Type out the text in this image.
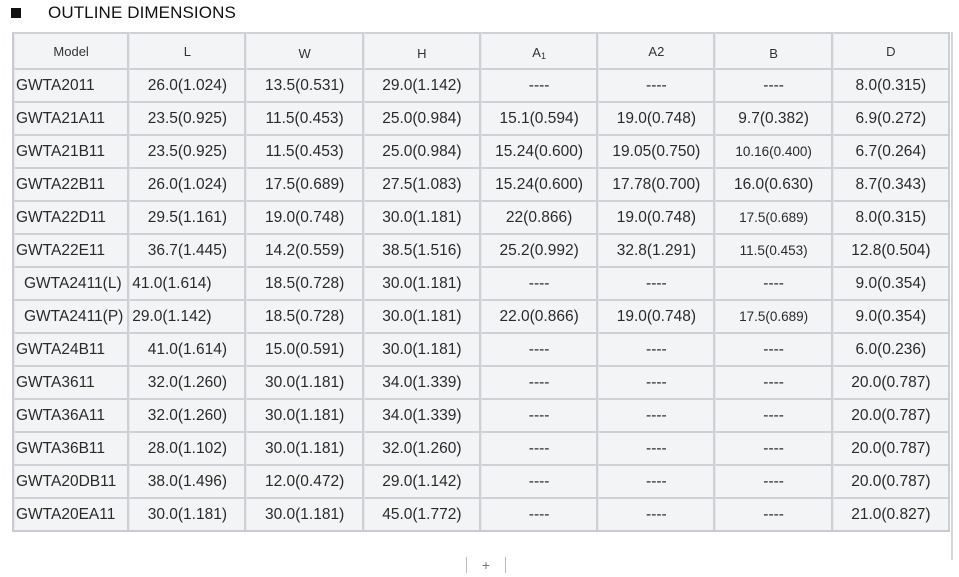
OUTLINE DIMENSIONS
Model	L	W	H	$A_1$	A2	B	D
GWTA2011	26.0(1.024)	13.5(0.531)	29.0(1.142)	----	----	----	8.0(0.315)
GWTA21A11	23.5(0.925)	11.5(0.453)	25.0(0.984)	15.1(0.594)	19.0(0.748)	9.7(0.382)	6.9(0.272)
GWTA21B11	23.5(0.925)	11.5(0.453)	25.0(0.984)	15.24(0.600)	19.05(0.750)	10.16(0.400)	6.7(0.264)
GWTA22B11	26.0(1.024)	17.5(0.689)	27.5(1.083)	15.24(0.600)	17.78(0.700)	16.0(0.630)	8.7(0.343)
GWTA22D11	29.5(1.161)	19.0(0.748)	30.0(1.181)	22(0.866)	19.0(0.748)	17.5(0.689)	8.0(0.315)
GWTA22E11	36.7(1.445)	14.2(0.559)	38.5(1.516)	25.2(0.992)	32.8(1.291)	11.5(0.453)	12.8(0.504)
GWTA2411(L)	41.0(1.614)	18.5(0.728)	30.0(1.181)	----	----	----	9.0(0.354)
GWTA2411(P)	29.0(1.142)	18.5(0.728)	30.0(1.181)	22.0(0.866)	19.0(0.748)	17.5(0.689)	9.0(0.354)
GWTA24B11	41.0(1.614)	15.0(0.591)	30.0(1.181)	----	----	----	6.0(0.236)
GWTA3611	32.0(1.260)	30.0(1.181)	34.0(1.339)	----	----	----	20.0(0.787)
GWTA36A11	32.0(1.260)	30.0(1.181)	34.0(1.339)	----	----	----	20.0(0.787)
GWTA36B11	28.0(1.102)	30.0(1.181)	32.0(1.260)	----	----	----	20.0(0.787)
GWTA20DB11	38.0(1.496)	12.0(0.472)	29.0(1.142)	----	----	----	20.0(0.787)
GWTA20EA11	30.0(1.181)	30.0(1.181)	45.0(1.772)	----	----	----	21.0(0.827)
+
